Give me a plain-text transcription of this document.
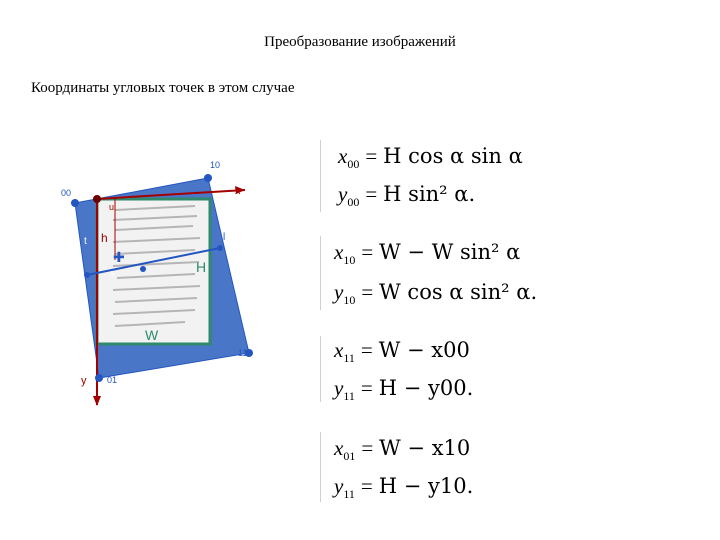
Преобразование изображений
Координаты угловых точек в этом случае
✚
00
10
11
01
x
y
h
H
W
u
t	l
s
$x_{00} = H$ cos α sin α
$y_{00} = H$ sin² α.
$x_{10} = W - W$ sin² α
$y_{10} = W$ cos α sin² α.
$x_{11} = W - x00$
$y_{11} = H - y00$.
$x_{01} = W - x10$
$y_{11} = H - y10$.
